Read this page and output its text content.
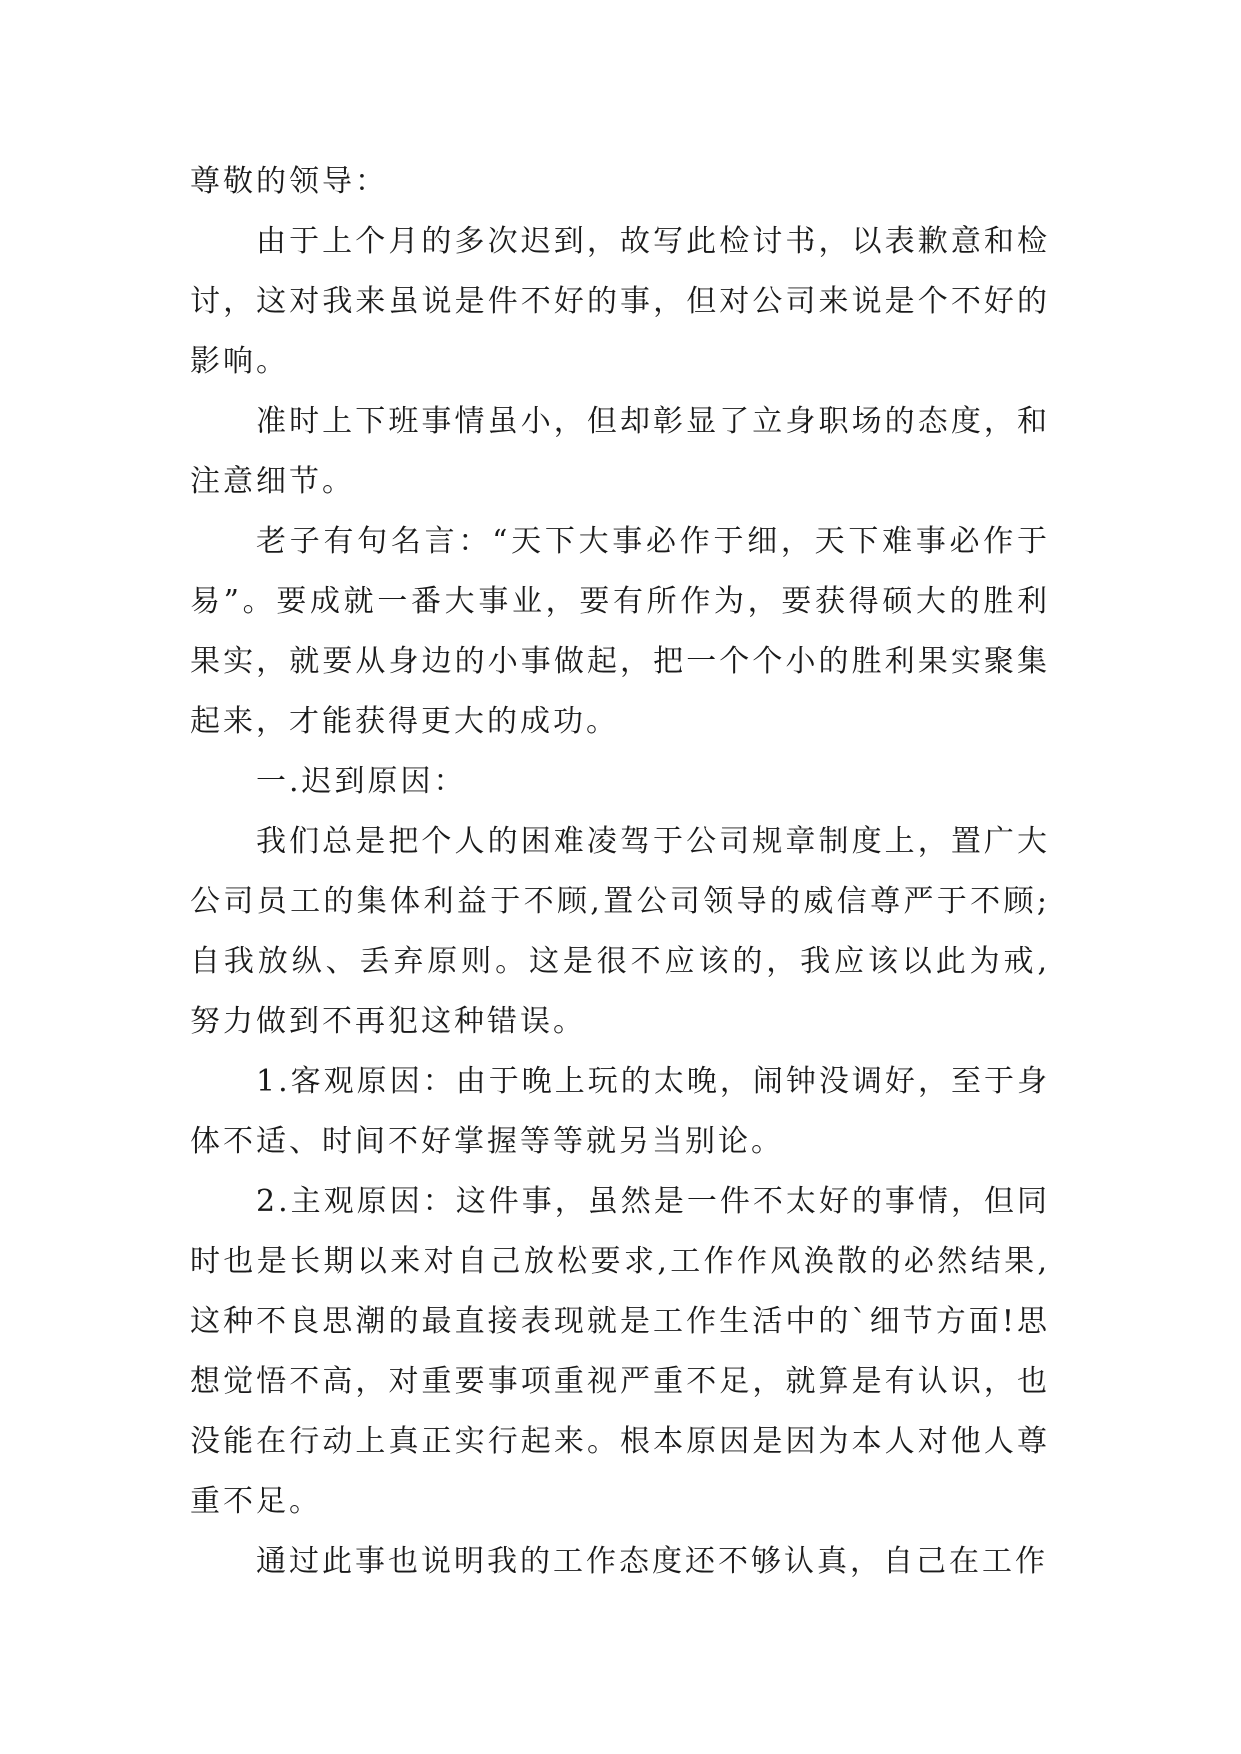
尊敬的领导：

由于上个月的多次迟到，故写此检讨书，以表歉意和检讨，这对我来虽说是件不好的事，但对公司来说是个不好的影响。

准时上下班事情虽小，但却彰显了立身职场的态度，和注意细节。

老子有句名言：“天下大事必作于细，天下难事必作于易”。要成就一番大事业，要有所作为，要获得硕大的胜利果实，就要从身边的小事做起，把一个个小的胜利果实聚集起来，才能获得更大的成功。

一.迟到原因：

我们总是把个人的困难凌驾于公司规章制度上，置广大公司员工的集体利益于不顾,置公司领导的威信尊严于不顾;自我放纵、丢弃原则。这是很不应该的，我应该以此为戒,努力做到不再犯这种错误。

1.客观原因：由于晚上玩的太晚，闹钟没调好，至于身体不适、时间不好掌握等等就另当别论。

2.主观原因：这件事，虽然是一件不太好的事情，但同时也是长期以来对自己放松要求,工作作风涣散的必然结果,这种不良思潮的最直接表现就是工作生活中的`细节方面!思想觉悟不高，对重要事项重视严重不足，就算是有认识，也没能在行动上真正实行起来。根本原因是因为本人对他人尊重不足。

通过此事也说明我的工作态度还不够认真，自己在工作
